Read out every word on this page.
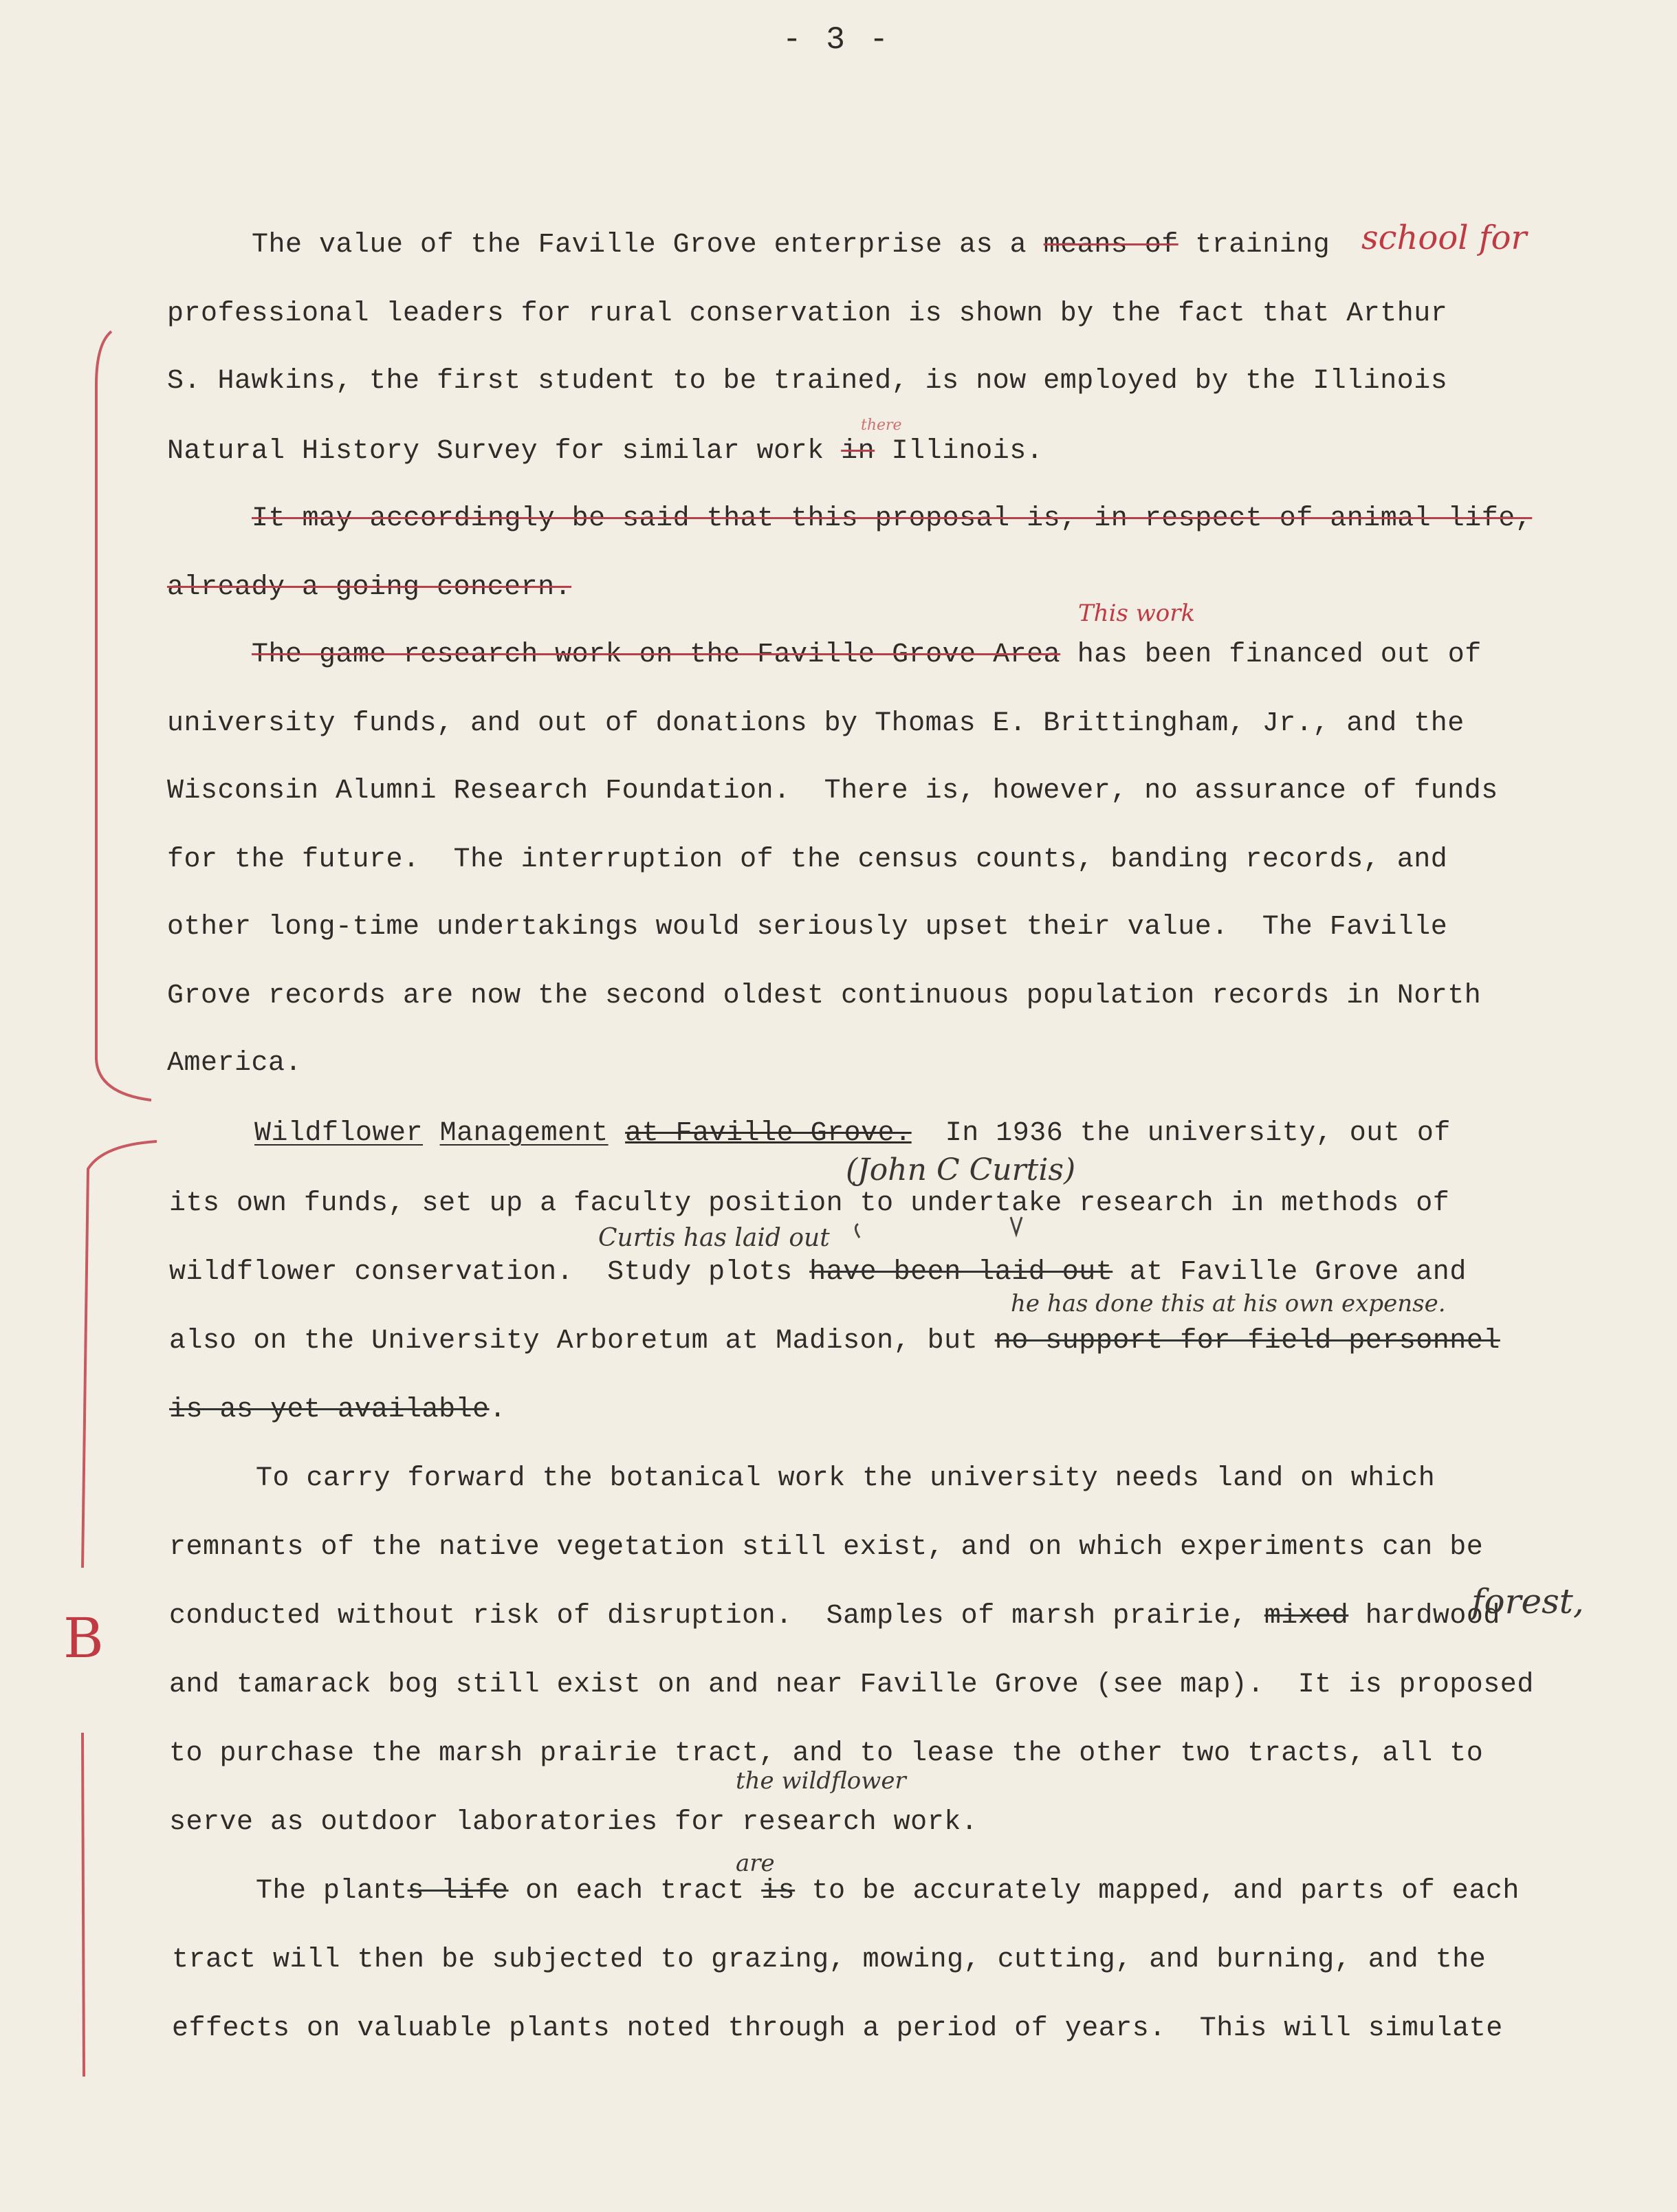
- 3 -
The value of the Faville Grove enterprise as a means of training school for
professional leaders for rural conservation is shown by the fact that Arthur
S. Hawkins, the first student to be trained, is now employed by the Illinois
Natural History Survey for similar work in Illinois.
there
It may accordingly be said that this proposal is, in respect of animal life,
already a going concern.
This work
The game research work on the Faville Grove Area has been financed out of
university funds, and out of donations by Thomas E. Brittingham, Jr., and the
Wisconsin Alumni Research Foundation.  There is, however, no assurance of funds
for the future.  The interruption of the census counts, banding records, and
other long-time undertakings would seriously upset their value.  The Faville
Grove records are now the second oldest continuous population records in North
America.
Wildflower Management at Faville Grove.  In 1936 the university, out of
(John C Curtis)
its own funds, set up a faculty position to undertake research in methods of
Curtis has laid out
wildflower conservation.  Study plots have been laid out at Faville Grove and
he has done this at his own expense.
also on the University Arboretum at Madison, but no support for field personnel
is as yet available.
To carry forward the botanical work the university needs land on which
remnants of the native vegetation still exist, and on which experiments can be
conducted without risk of disruption.  Samples of marsh prairie, mixed hardwood
forest,
and tamarack bog still exist on and near Faville Grove (see map).  It is proposed
to purchase the marsh prairie tract, and to lease the other two tracts, all to
the wildflower
serve as outdoor laboratories for research work.
are
The plants life on each tract is to be accurately mapped, and parts of each
tract will then be subjected to grazing, mowing, cutting, and burning, and the
effects on valuable plants noted through a period of years.  This will simulate
B
